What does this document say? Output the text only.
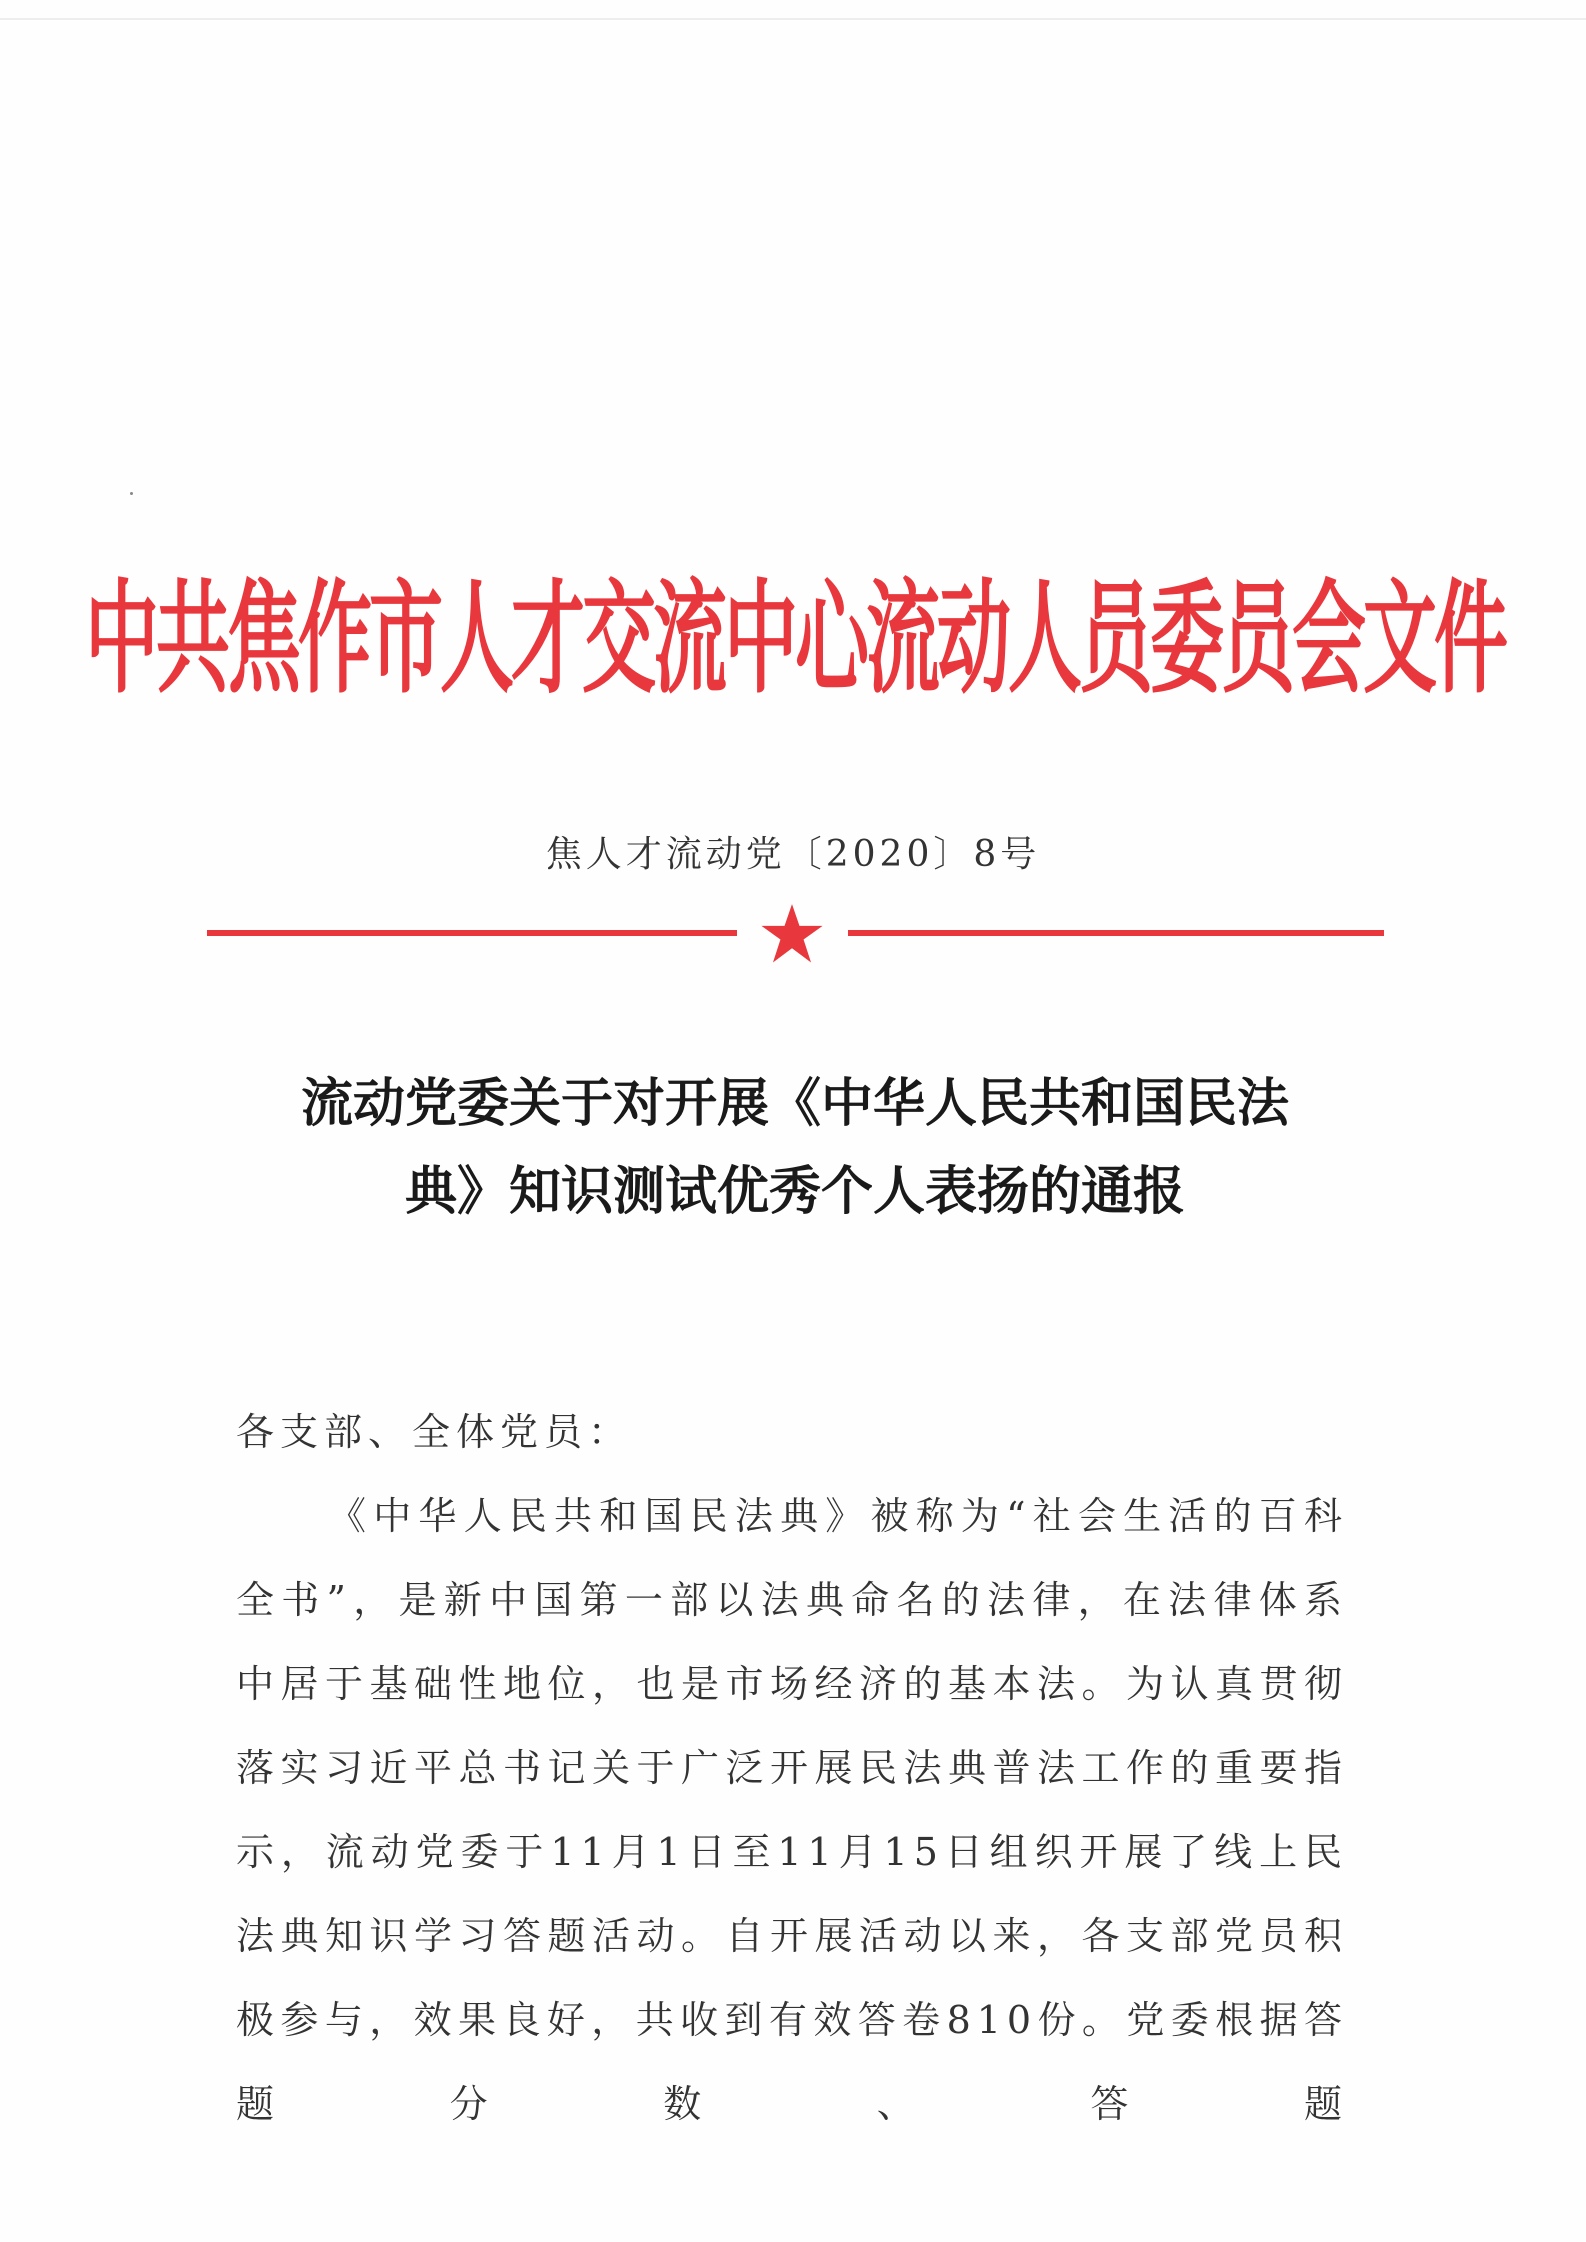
中共焦作市人才交流中心流动人员委员会文件
焦人才流动党〔2020〕8号
流动党委关于对开展《中华人民共和国民法
典》知识测试优秀个人表扬的通报
各支部、全体党员：
《中华人民共和国民法典》被称为“社会生活的百科全书”，是新中国第一部以法典命名的法律，在法律体系中居于基础性地位，也是市场经济的基本法。为认真贯彻落实习近平总书记关于广泛开展民法典普法工作的重要指示，流动党委于11月1日至11月15日组织开展了线上民法典知识学习答题活动。自开展活动以来，各支部党员积极参与，效果良好，共收到有效答卷810份。党委根据答题分数、答题
